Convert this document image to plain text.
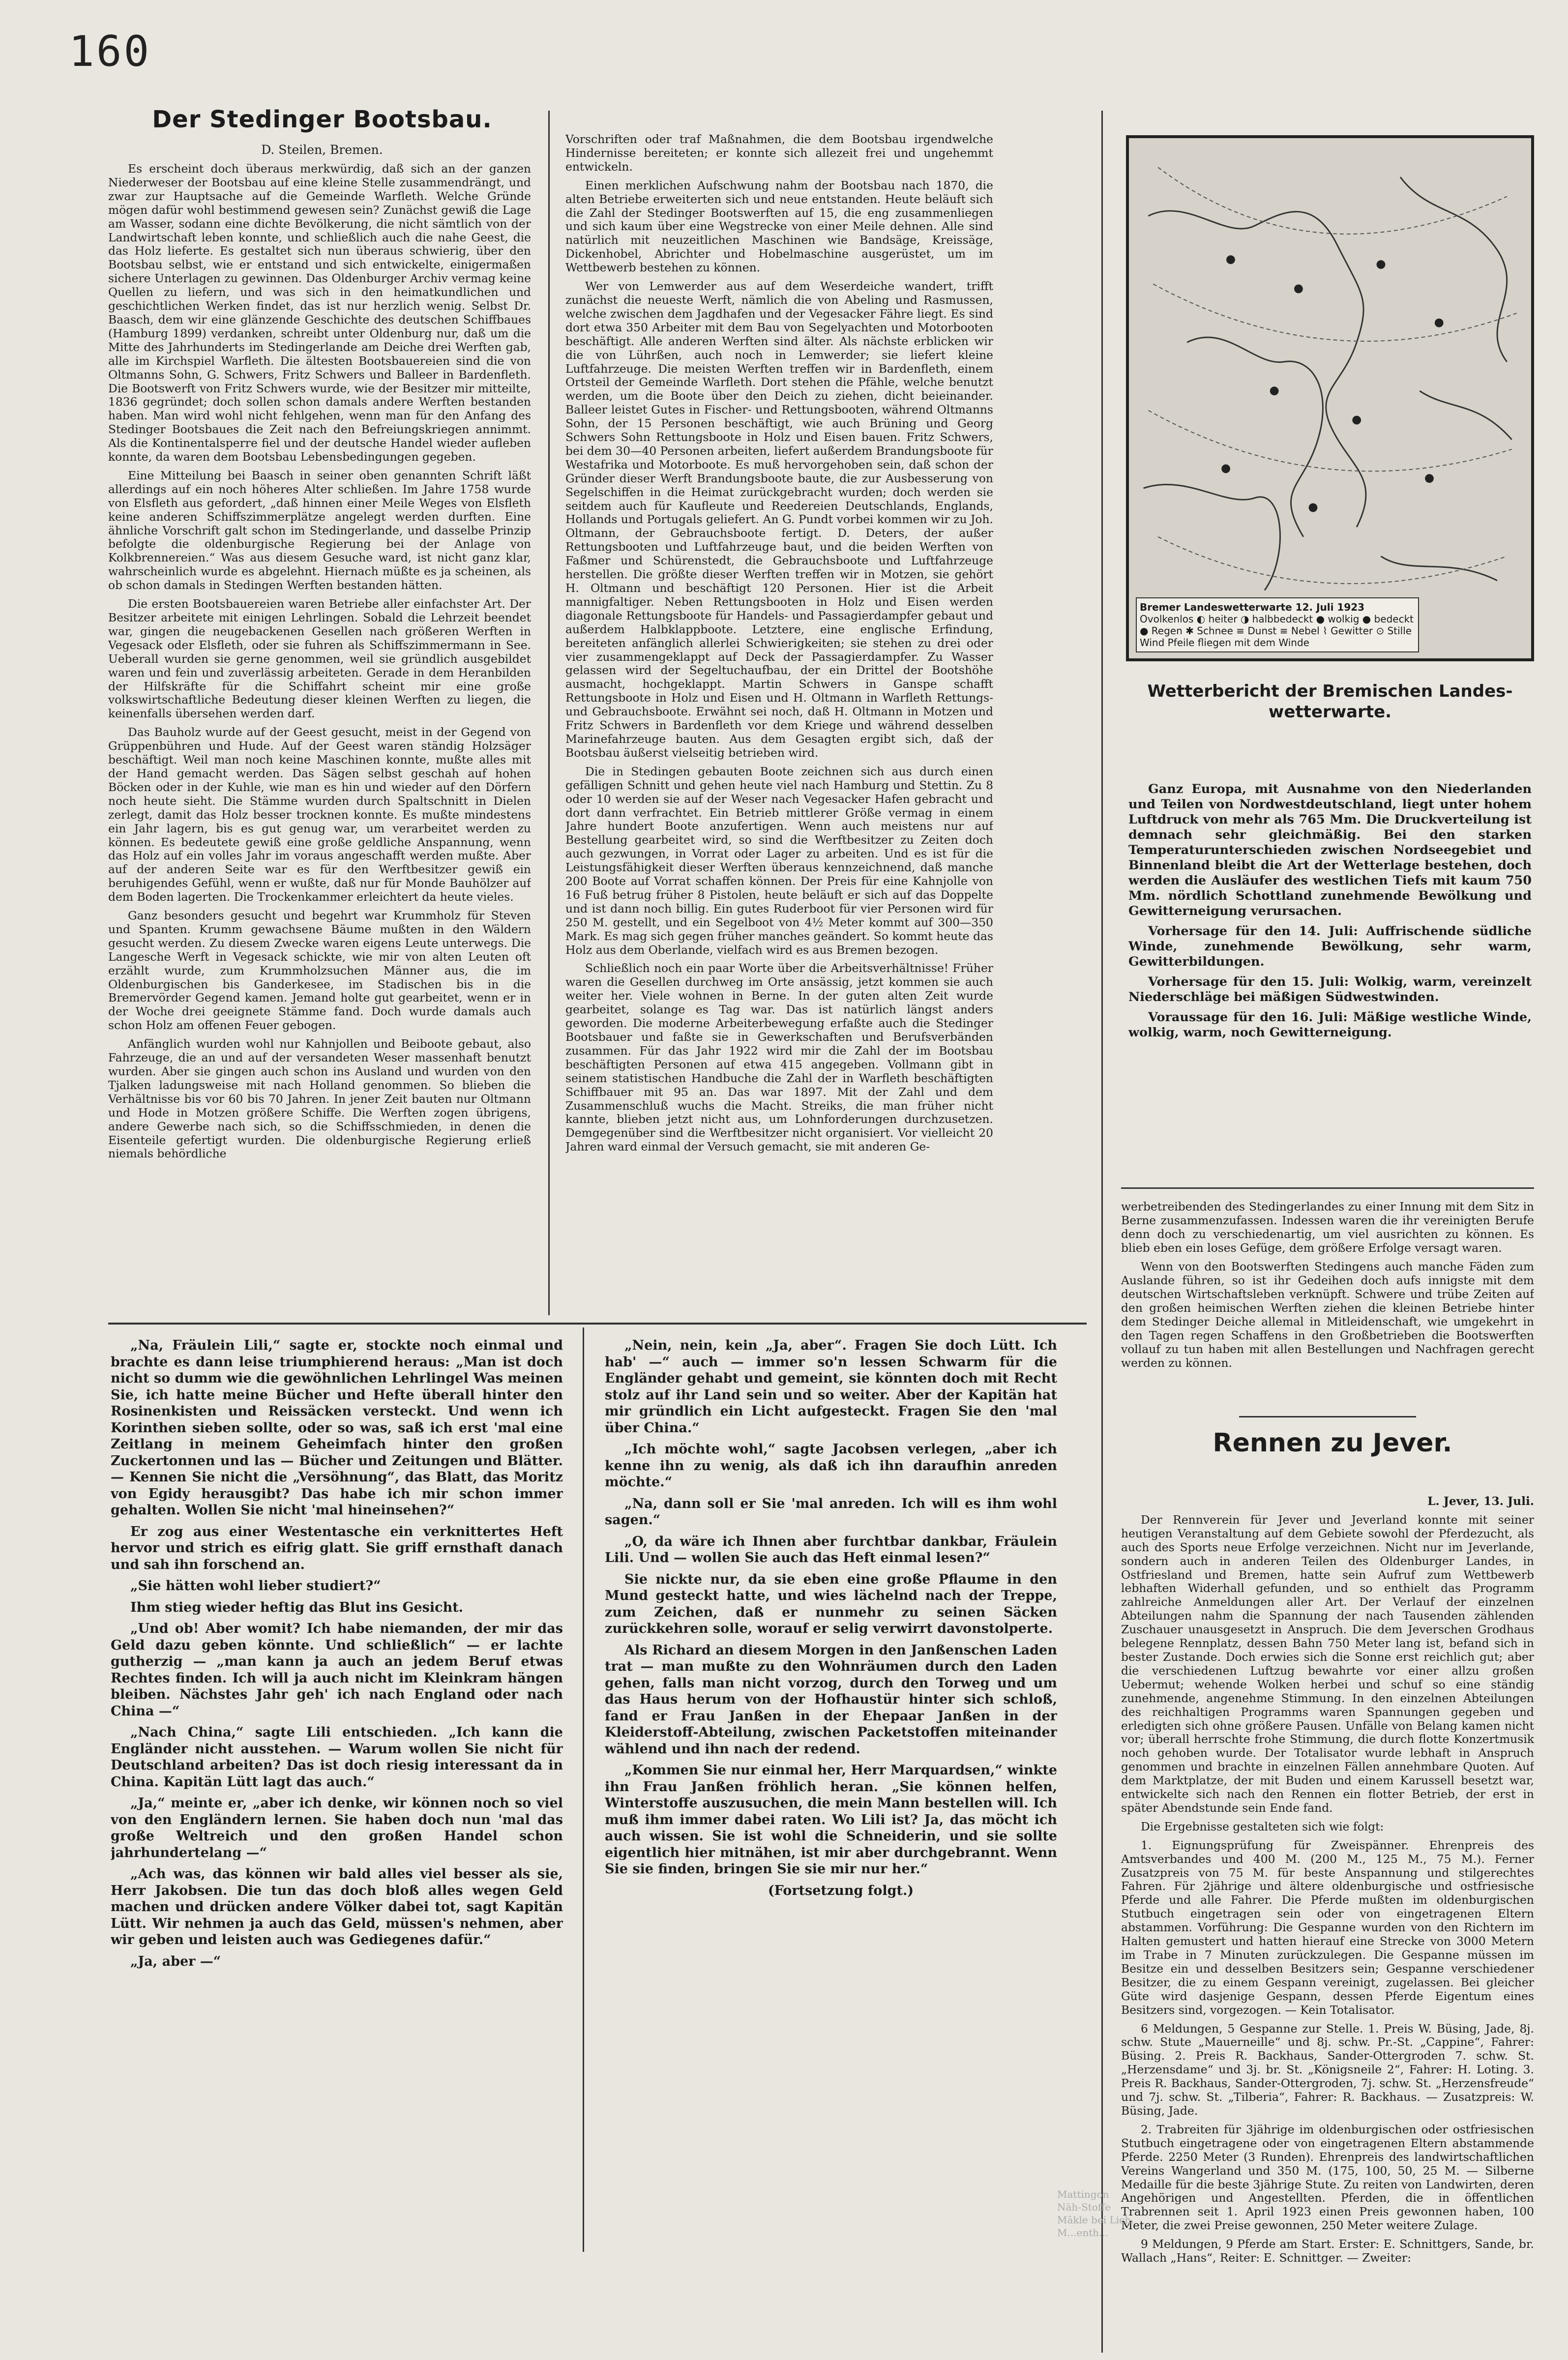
160
Der Stedinger Bootsbau.
D. Steilen, Bremen.

Es erscheint doch überaus merkwürdig, daß sich an der ganzen Niederweser der Bootsbau auf eine kleine Stelle zusammendrängt, und zwar zur Hauptsache auf die Gemeinde Warfleth. Welche Gründe mögen dafür wohl bestimmend gewesen sein? Zunächst gewiß die Lage am Wasser, sodann eine dichte Bevölkerung, die nicht sämtlich von der Landwirtschaft leben konnte, und schließlich auch die nahe Geest, die das Holz lieferte. Es gestaltet sich nun überaus schwierig, über den Bootsbau selbst, wie er entstand und sich entwickelte, einigermaßen sichere Unterlagen zu gewinnen. Das Oldenburger Archiv vermag keine Quellen zu liefern, und was sich in den heimatkundlichen und geschichtlichen Werken findet, das ist nur herzlich wenig. Selbst Dr. Baasch, dem wir eine glänzende Geschichte des deutschen Schiffbaues (Hamburg 1899) verdanken, schreibt unter Oldenburg nur, daß um die Mitte des Jahrhunderts im Stedingerlande am Deiche drei Werften gab, alle im Kirchspiel Warfleth. Die ältesten Bootsbauereien sind die von Oltmanns Sohn, G. Schwers, Fritz Schwers und Balleer in Bardenfleth. Die Bootswerft von Fritz Schwers wurde, wie der Besitzer mir mitteilte, 1836 gegründet; doch sollen schon damals andere Werften bestanden haben. Man wird wohl nicht fehlgehen, wenn man für den Anfang des Stedinger Bootsbaues die Zeit nach den Befreiungskriegen annimmt. Als die Kontinentalsperre fiel und der deutsche Handel wieder aufleben konnte, da waren dem Bootsbau Lebensbedingungen gegeben.

Eine Mitteilung bei Baasch in seiner oben genannten Schrift läßt allerdings auf ein noch höheres Alter schließen. Im Jahre 1758 wurde von Elsfleth aus gefordert, „daß hinnen einer Meile Weges von Elsfleth keine anderen Schiffszimmerplätze angelegt werden durften. Eine ähnliche Vorschrift galt schon im Stedingerlande, und dasselbe Prinzip befolgte die oldenburgische Regierung bei der Anlage von Kolkbrennereien.“ Was aus diesem Gesuche ward, ist nicht ganz klar, wahrscheinlich wurde es abgelehnt. Hiernach müßte es ja scheinen, als ob schon damals in Stedingen Werften bestanden hätten.

Die ersten Bootsbauereien waren Betriebe aller einfachster Art. Der Besitzer arbeitete mit einigen Lehrlingen. Sobald die Lehrzeit beendet war, gingen die neugebackenen Gesellen nach größeren Werften in Vegesack oder Elsfleth, oder sie fuhren als Schiffszimmermann in See. Ueberall wurden sie gerne genommen, weil sie gründlich ausgebildet waren und fein und zuverlässig arbeiteten. Gerade in dem Heranbilden der Hilfskräfte für die Schiffahrt scheint mir eine große volkswirtschaftliche Bedeutung dieser kleinen Werften zu liegen, die keinenfalls übersehen werden darf.

Das Bauholz wurde auf der Geest gesucht, meist in der Gegend von Grüppenbühren und Hude. Auf der Geest waren ständig Holzsäger beschäftigt. Weil man noch keine Maschinen konnte, mußte alles mit der Hand gemacht werden. Das Sägen selbst geschah auf hohen Böcken oder in der Kuhle, wie man es hin und wieder auf den Dörfern noch heute sieht. Die Stämme wurden durch Spaltschnitt in Dielen zerlegt, damit das Holz besser trocknen konnte. Es mußte mindestens ein Jahr lagern, bis es gut genug war, um verarbeitet werden zu können. Es bedeutete gewiß eine große geldliche Anspannung, wenn das Holz auf ein volles Jahr im voraus angeschafft werden mußte. Aber auf der anderen Seite war es für den Werftbesitzer gewiß ein beruhigendes Gefühl, wenn er wußte, daß nur für Monde Bauhölzer auf dem Boden lagerten. Die Trockenkammer erleichtert da heute vieles.

Ganz besonders gesucht und begehrt war Krummholz für Steven und Spanten. Krumm gewachsene Bäume mußten in den Wäldern gesucht werden. Zu diesem Zwecke waren eigens Leute unterwegs. Die Langesche Werft in Vegesack schickte, wie mir von alten Leuten oft erzählt wurde, zum Krummholzsuchen Männer aus, die im Oldenburgischen bis Ganderkesee, im Stadischen bis in die Bremervörder Gegend kamen. Jemand holte gut gearbeitet, wenn er in der Woche drei geeignete Stämme fand. Doch wurde damals auch schon Holz am offenen Feuer gebogen.

Anfänglich wurden wohl nur Kahnjollen und Beiboote gebaut, also Fahrzeuge, die an und auf der versandeten Weser massenhaft benutzt wurden. Aber sie gingen auch schon ins Ausland und wurden von den Tjalken ladungsweise mit nach Holland genommen. So blieben die Verhältnisse bis vor 60 bis 70 Jahren. In jener Zeit bauten nur Oltmann und Hode in Motzen größere Schiffe. Die Werften zogen übrigens, andere Gewerbe nach sich, so die Schiffsschmieden, in denen die Eisenteile gefertigt wurden. Die oldenburgische Regierung erließ niemals behördliche

Vorschriften oder traf Maßnahmen, die dem Bootsbau irgendwelche Hindernisse bereiteten; er konnte sich allezeit frei und ungehemmt entwickeln.

Einen merklichen Aufschwung nahm der Bootsbau nach 1870, die alten Betriebe erweiterten sich und neue entstanden. Heute beläuft sich die Zahl der Stedinger Bootswerften auf 15, die eng zusammenliegen und sich kaum über eine Wegstrecke von einer Meile dehnen. Alle sind natürlich mit neuzeitlichen Maschinen wie Bandsäge, Kreissäge, Dickenhobel, Abrichter und Hobelmaschine ausgerüstet, um im Wettbewerb bestehen zu können.

Wer von Lemwerder aus auf dem Weserdeiche wandert, trifft zunächst die neueste Werft, nämlich die von Abeling und Rasmussen, welche zwischen dem Jagdhafen und der Vegesacker Fähre liegt. Es sind dort etwa 350 Arbeiter mit dem Bau von Segelyachten und Motorbooten beschäftigt. Alle anderen Werften sind älter. Als nächste erblicken wir die von Lührßen, auch noch in Lemwerder; sie liefert kleine Luftfahrzeuge. Die meisten Werften treffen wir in Bardenfleth, einem Ortsteil der Gemeinde Warfleth. Dort stehen die Pfähle, welche benutzt werden, um die Boote über den Deich zu ziehen, dicht beieinander. Balleer leistet Gutes in Fischer- und Rettungsbooten, während Oltmanns Sohn, der 15 Personen beschäftigt, wie auch Brüning und Georg Schwers Sohn Rettungsboote in Holz und Eisen bauen. Fritz Schwers, bei dem 30—40 Personen arbeiten, liefert außerdem Brandungsboote für Westafrika und Motorboote. Es muß hervorgehoben sein, daß schon der Gründer dieser Werft Brandungsboote baute, die zur Ausbesserung von Segelschiffen in die Heimat zurückgebracht wurden; doch werden sie seitdem auch für Kaufleute und Reedereien Deutschlands, Englands, Hollands und Portugals geliefert. An G. Pundt vorbei kommen wir zu Joh. Oltmann, der Gebrauchsboote fertigt. D. Deters, der außer Rettungsbooten und Luftfahrzeuge baut, und die beiden Werften von Faßmer und Schürenstedt, die Gebrauchsboote und Luftfahrzeuge herstellen. Die größte dieser Werften treffen wir in Motzen, sie gehört H. Oltmann und beschäftigt 120 Personen. Hier ist die Arbeit mannigfaltiger. Neben Rettungsbooten in Holz und Eisen werden diagonale Rettungsboote für Handels- und Passagierdampfer gebaut und außerdem Halbklappboote. Letztere, eine englische Erfindung, bereiteten anfänglich allerlei Schwierigkeiten; sie stehen zu drei oder vier zusammengeklappt auf Deck der Passagierdampfer. Zu Wasser gelassen wird der Segeltuchaufbau, der ein Drittel der Bootshöhe ausmacht, hochgeklappt. Martin Schwers in Ganspe schafft Rettungsboote in Holz und Eisen und H. Oltmann in Warfleth Rettungs- und Gebrauchsboote. Erwähnt sei noch, daß H. Oltmann in Motzen und Fritz Schwers in Bardenfleth vor dem Kriege und während desselben Marinefahrzeuge bauten. Aus dem Gesagten ergibt sich, daß der Bootsbau äußerst vielseitig betrieben wird.

Die in Stedingen gebauten Boote zeichnen sich aus durch einen gefälligen Schnitt und gehen heute viel nach Hamburg und Stettin. Zu 8 oder 10 werden sie auf der Weser nach Vegesacker Hafen gebracht und dort dann verfrachtet. Ein Betrieb mittlerer Größe vermag in einem Jahre hundert Boote anzufertigen. Wenn auch meistens nur auf Bestellung gearbeitet wird, so sind die Werftbesitzer zu Zeiten doch auch gezwungen, in Vorrat oder Lager zu arbeiten. Und es ist für die Leistungsfähigkeit dieser Werften überaus kennzeichnend, daß manche 200 Boote auf Vorrat schaffen können. Der Preis für eine Kahnjolle von 16 Fuß betrug früher 8 Pistolen, heute beläuft er sich auf das Doppelte und ist dann noch billig. Ein gutes Ruderboot für vier Personen wird für 250 M. gestellt, und ein Segelboot von 4½ Meter kommt auf 300—350 Mark. Es mag sich gegen früher manches geändert. So kommt heute das Holz aus dem Oberlande, vielfach wird es aus Bremen bezogen.

Schließlich noch ein paar Worte über die Arbeitsverhältnisse! Früher waren die Gesellen durchweg im Orte ansässig, jetzt kommen sie auch weiter her. Viele wohnen in Berne. In der guten alten Zeit wurde gearbeitet, solange es Tag war. Das ist natürlich längst anders geworden. Die moderne Arbeiterbewegung erfaßte auch die Stedinger Bootsbauer und faßte sie in Gewerkschaften und Berufsverbänden zusammen. Für das Jahr 1922 wird mir die Zahl der im Bootsbau beschäftigten Personen auf etwa 415 angegeben. Vollmann gibt in seinem statistischen Handbuche die Zahl der in Warfleth beschäftigten Schiffbauer mit 95 an. Das war 1897. Mit der Zahl und dem Zusammenschluß wuchs die Macht. Streiks, die man früher nicht kannte, blieben jetzt nicht aus, um Lohnforderungen durchzusetzen. Demgegenüber sind die Werftbesitzer nicht organisiert. Vor vielleicht 20 Jahren ward einmal der Versuch gemacht, sie mit anderen Ge-

Bremer Landeswetterwarte 12. Juli 1923
Ovolkenlos ◐ heiter ◑ halbbedeckt ● wolkig ● bedeckt
● Regen ✱ Schnee ≡ Dunst ≡ Nebel ⌇ Gewitter ⊙ Stille
Wind Pfeile fliegen mit dem Winde
Wetterbericht der Bremischen Landes-
wetterwarte.

Ganz Europa, mit Ausnahme von den Niederlanden und Teilen von Nordwestdeutschland, liegt unter hohem Luftdruck von mehr als 765 Mm. Die Druckverteilung ist demnach sehr gleichmäßig. Bei den starken Temperaturunterschieden zwischen Nordseegebiet und Binnenland bleibt die Art der Wetterlage bestehen, doch werden die Ausläufer des westlichen Tiefs mit kaum 750 Mm. nördlich Schottland zunehmende Bewölkung und Gewitterneigung verursachen.

Vorhersage für den 14. Juli: Auffrischende südliche Winde, zunehmende Bewölkung, sehr warm, Gewitterbildungen.

Vorhersage für den 15. Juli: Wolkig, warm, vereinzelt Niederschläge bei mäßigen Südwestwinden.

Voraussage für den 16. Juli: Mäßige westliche Winde, wolkig, warm, noch Gewitterneigung.

werbetreibenden des Stedingerlandes zu einer Innung mit dem Sitz in Berne zusammenzufassen. Indessen waren die ihr vereinigten Berufe denn doch zu verschiedenartig, um viel ausrichten zu können. Es blieb eben ein loses Gefüge, dem größere Erfolge versagt waren.

Wenn von den Bootswerften Stedingens auch manche Fäden zum Auslande führen, so ist ihr Gedeihen doch aufs innigste mit dem deutschen Wirtschaftsleben verknüpft. Schwere und trübe Zeiten auf den großen heimischen Werften ziehen die kleinen Betriebe hinter dem Stedinger Deiche allemal in Mitleidenschaft, wie umgekehrt in den Tagen regen Schaffens in den Großbetrieben die Bootswerften vollauf zu tun haben mit allen Bestellungen und Nachfragen gerecht werden zu können.

Rennen zu Jever.

L. Jever, 13. Juli.

Der Rennverein für Jever und Jeverland konnte mit seiner heutigen Veranstaltung auf dem Gebiete sowohl der Pferdezucht, als auch des Sports neue Erfolge verzeichnen. Nicht nur im Jeverlande, sondern auch in anderen Teilen des Oldenburger Landes, in Ostfriesland und Bremen, hatte sein Aufruf zum Wettbewerb lebhaften Widerhall gefunden, und so enthielt das Programm zahlreiche Anmeldungen aller Art. Der Verlauf der einzelnen Abteilungen nahm die Spannung der nach Tausenden zählenden Zuschauer unausgesetzt in Anspruch. Die dem Jeverschen Grodhaus belegene Rennplatz, dessen Bahn 750 Meter lang ist, befand sich in bester Zustande. Doch erwies sich die Sonne erst reichlich gut; aber die verschiedenen Luftzug bewahrte vor einer allzu großen Uebermut; wehende Wolken herbei und schuf so eine ständig zunehmende, angenehme Stimmung. In den einzelnen Abteilungen des reichhaltigen Programms waren Spannungen gegeben und erledigten sich ohne größere Pausen. Unfälle von Belang kamen nicht vor; überall herrschte frohe Stimmung, die durch flotte Konzertmusik noch gehoben wurde. Der Totalisator wurde lebhaft in Anspruch genommen und brachte in einzelnen Fällen annehmbare Quoten. Auf dem Marktplatze, der mit Buden und einem Karussell besetzt war, entwickelte sich nach den Rennen ein flotter Betrieb, der erst in später Abendstunde sein Ende fand.

Die Ergebnisse gestalteten sich wie folgt:

1. Eignungsprüfung für Zweispänner. Ehrenpreis des Amtsverbandes und 400 M. (200 M., 125 M., 75 M.). Ferner Zusatzpreis von 75 M. für beste Anspannung und stilgerechtes Fahren. Für 2jährige und ältere oldenburgische und ostfriesische Pferde und alle Fahrer. Die Pferde mußten im oldenburgischen Stutbuch eingetragen sein oder von eingetragenen Eltern abstammen. Vorführung: Die Gespanne wurden von den Richtern im Halten gemustert und hatten hierauf eine Strecke von 3000 Metern im Trabe in 7 Minuten zurückzulegen. Die Gespanne müssen im Besitze ein und desselben Besitzers sein; Gespanne verschiedener Besitzer, die zu einem Gespann vereinigt, zugelassen. Bei gleicher Güte wird dasjenige Gespann, dessen Pferde Eigentum eines Besitzers sind, vorgezogen. — Kein Totalisator.

6 Meldungen, 5 Gespanne zur Stelle. 1. Preis W. Büsing, Jade, 8j. schw. Stute „Mauerneille“ und 8j. schw. Pr.-St. „Cappine“, Fahrer: Büsing. 2. Preis R. Backhaus, Sander-Ottergroden 7. schw. St. „Herzensdame“ und 3j. br. St. „Königsneile 2“, Fahrer: H. Loting. 3. Preis R. Backhaus, Sander-Ottergroden, 7j. schw. St. „Herzensfreude“ und 7j. schw. St. „Tilberia“, Fahrer: R. Backhaus. — Zusatzpreis: W. Büsing, Jade.

2. Trabreiten für 3jährige im oldenburgischen oder ostfriesischen Stutbuch eingetragene oder von eingetragenen Eltern abstammende Pferde. 2250 Meter (3 Runden). Ehrenpreis des landwirtschaftlichen Vereins Wangerland und 350 M. (175, 100, 50, 25 M. — Silberne Medaille für die beste 3jährige Stute. Zu reiten von Landwirten, deren Angehörigen und Angestellten. Pferden, die in öffentlichen Trabrennen seit 1. April 1923 einen Preis gewonnen haben, 100 Meter, die zwei Preise gewonnen, 250 Meter weitere Zulage.

9 Meldungen, 9 Pferde am Start. Erster: E. Schnittgers, Sande, br. Wallach „Hans“, Reiter: E. Schnittger. — Zweiter:

„Na, Fräulein Lili,“ sagte er, stockte noch einmal und brachte es dann leise triumphierend heraus: „Man ist doch nicht so dumm wie die gewöhnlichen Lehrlingel Was meinen Sie, ich hatte meine Bücher und Hefte überall hinter den Rosinenkisten und Reissäcken versteckt. Und wenn ich Korinthen sieben sollte, oder so was, saß ich erst 'mal eine Zeitlang in meinem Geheimfach hinter den großen Zuckertonnen und las — Bücher und Zeitungen und Blätter. — Kennen Sie nicht die „Versöhnung“, das Blatt, das Moritz von Egidy herausgibt? Das habe ich mir schon immer gehalten. Wollen Sie nicht 'mal hineinsehen?“

Er zog aus einer Westentasche ein verknittertes Heft hervor und strich es eifrig glatt. Sie griff ernsthaft danach und sah ihn forschend an.

„Sie hätten wohl lieber studiert?“

Ihm stieg wieder heftig das Blut ins Gesicht.

„Und ob! Aber womit? Ich habe niemanden, der mir das Geld dazu geben könnte. Und schließlich“ — er lachte gutherzig — „man kann ja auch an jedem Beruf etwas Rechtes finden. Ich will ja auch nicht im Kleinkram hängen bleiben. Nächstes Jahr geh' ich nach England oder nach China —“

„Nach China,“ sagte Lili entschieden. „Ich kann die Engländer nicht ausstehen. — Warum wollen Sie nicht für Deutschland arbeiten? Das ist doch riesig interessant da in China. Kapitän Lütt lagt das auch.“

„Ja,“ meinte er, „aber ich denke, wir können noch so viel von den Engländern lernen. Sie haben doch nun 'mal das große Weltreich und den großen Handel schon jahrhundertelang —“

„Ach was, das können wir bald alles viel besser als sie, Herr Jakobsen. Die tun das doch bloß alles wegen Geld machen und drücken andere Völker dabei tot, sagt Kapitän Lütt. Wir nehmen ja auch das Geld, müssen's nehmen, aber wir geben und leisten auch was Gediegenes dafür.“

„Ja, aber —“

„Nein, nein, kein „Ja, aber“. Fragen Sie doch Lütt. Ich hab' —“ auch — immer so'n lessen Schwarm für die Engländer gehabt und gemeint, sie könnten doch mit Recht stolz auf ihr Land sein und so weiter. Aber der Kapitän hat mir gründlich ein Licht aufgesteckt. Fragen Sie den 'mal über China.“

„Ich möchte wohl,“ sagte Jacobsen verlegen, „aber ich kenne ihn zu wenig, als daß ich ihn daraufhin anreden möchte.“

„Na, dann soll er Sie 'mal anreden. Ich will es ihm wohl sagen.“

„O, da wäre ich Ihnen aber furchtbar dankbar, Fräulein Lili. Und — wollen Sie auch das Heft einmal lesen?“

Sie nickte nur, da sie eben eine große Pflaume in den Mund gesteckt hatte, und wies lächelnd nach der Treppe, zum Zeichen, daß er nunmehr zu seinen Säcken zurückkehren solle, worauf er selig verwirrt davonstolperte.

Als Richard an diesem Morgen in den Janßenschen Laden trat — man mußte zu den Wohnräumen durch den Laden gehen, falls man nicht vorzog, durch den Torweg und um das Haus herum von der Hofhaustür hinter sich schloß, fand er Frau Janßen in der Ehepaar Janßen in der Kleiderstoff-Abteilung, zwischen Packetstoffen miteinander wählend und ihn nach der redend.

„Kommen Sie nur einmal her, Herr Marquardsen,“ winkte ihn Frau Janßen fröhlich heran. „Sie können helfen, Winterstoffe auszusuchen, die mein Mann bestellen will. Ich muß ihm immer dabei raten. Wo Lili ist? Ja, das möcht ich auch wissen. Sie ist wohl die Schneiderin, und sie sollte eigentlich hier mitnähen, ist mir aber durchgebrannt. Wenn Sie sie finden, bringen Sie sie mir nur her.“

(Fortsetzung folgt.)

Mattingon
Näh-Stoffe
Mäkle bei Lich.
M...enth...
